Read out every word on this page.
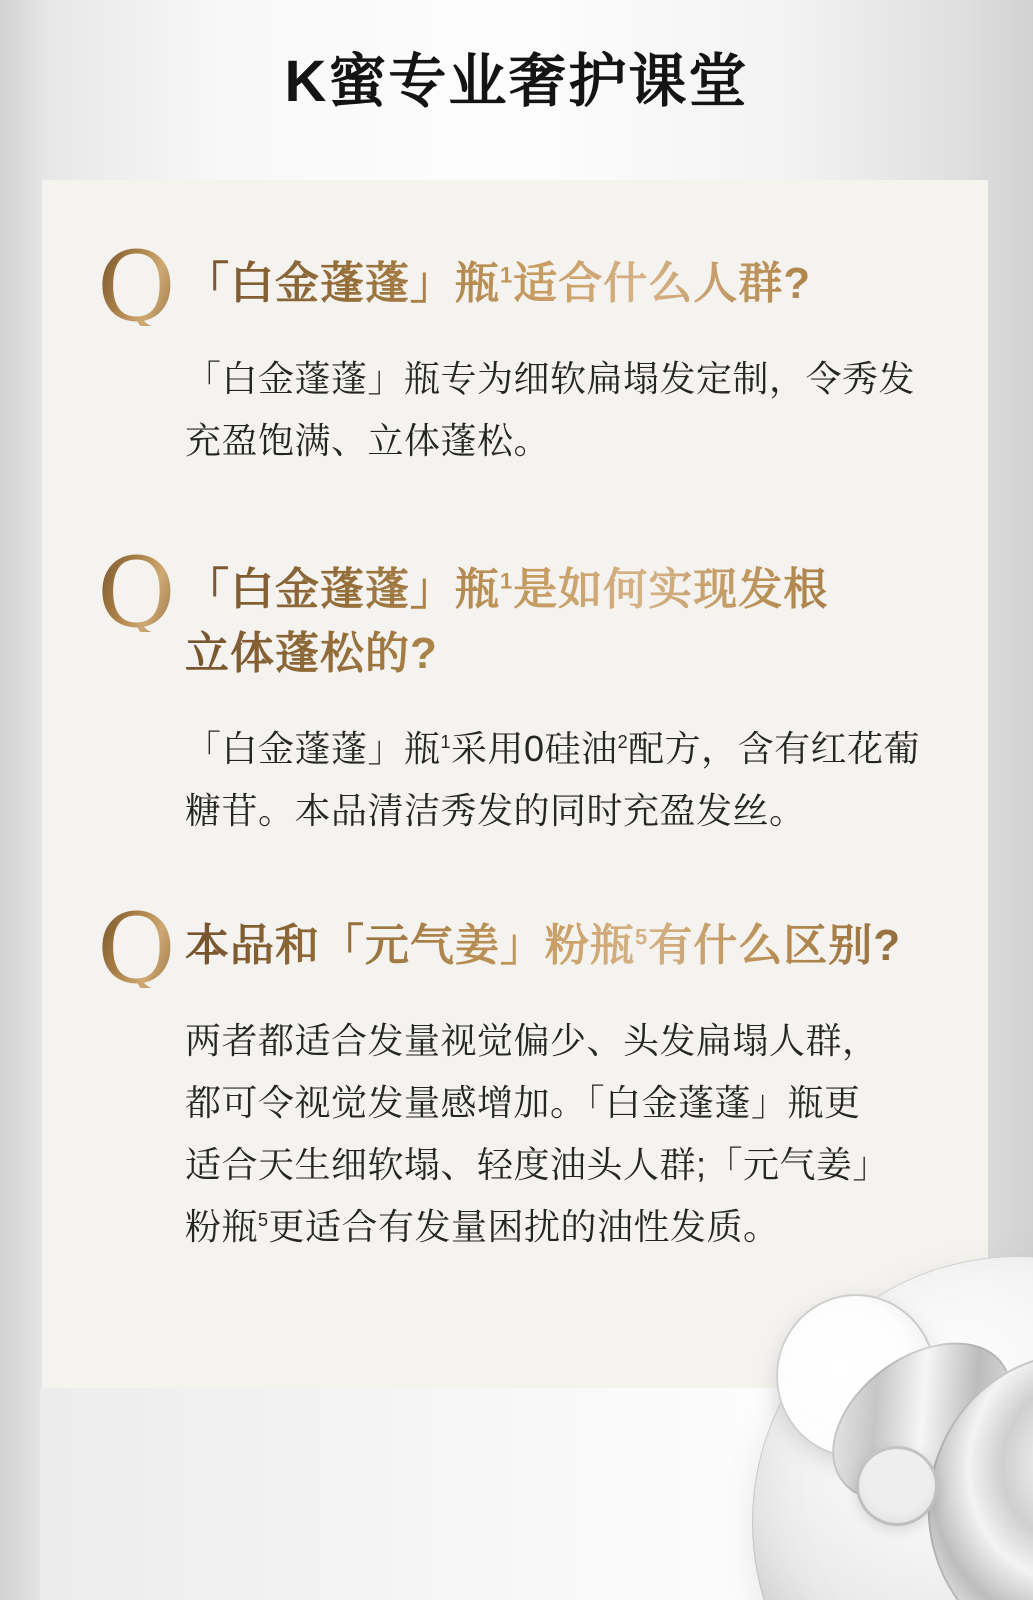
K蜜专业奢护课堂
Q 「白金蓬蓬」瓶$^1$适合什么人群?

「白金蓬蓬」瓶专为细软扁塌发定制，令秀发
充盈饱满、立体蓬松。

Q 「白金蓬蓬」瓶$^1$是如何实现发根
立体蓬松的?

「白金蓬蓬」瓶$^1$采用0硅油$^2$配方，含有红花葡
糖苷。本品清洁秀发的同时充盈发丝。

Q 本品和「元气姜」粉瓶$^5$有什么区别?

两者都适合发量视觉偏少、头发扁塌人群，
都可令视觉发量感增加。「白金蓬蓬」瓶更
适合天生细软塌、轻度油头人群;「元气姜」
粉瓶$^5$更适合有发量困扰的油性发质。
